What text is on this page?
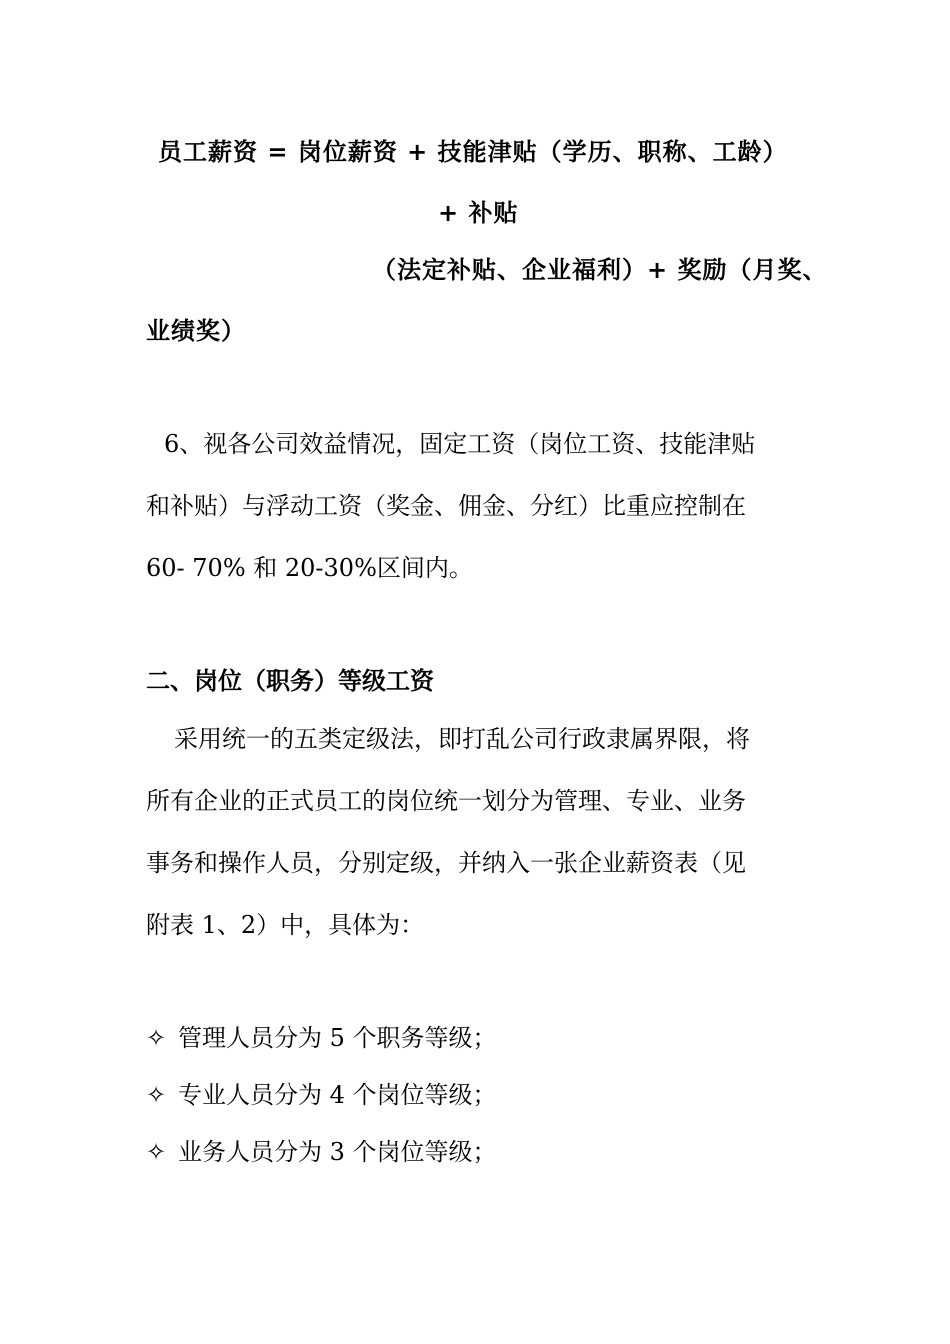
员工薪资 = 岗位薪资 + 技能津贴（学历、职称、工龄）
+ 补贴
（法定补贴、企业福利）+ 奖励（月奖、
业绩奖）
6、视各公司效益情况，固定工资（岗位工资、技能津贴
和补贴）与浮动工资（奖金、佣金、分红）比重应控制在
60- 70% 和 20-30%区间内。
二、岗位（职务）等级工资
采用统一的五类定级法，即打乱公司行政隶属界限，将
所有企业的正式员工的岗位统一划分为管理、专业、业务
事务和操作人员，分别定级，并纳入一张企业薪资表（见
附表 1、2）中，具体为：
✧ 管理人员分为 5 个职务等级；
✧ 专业人员分为 4 个岗位等级；
✧ 业务人员分为 3 个岗位等级；
